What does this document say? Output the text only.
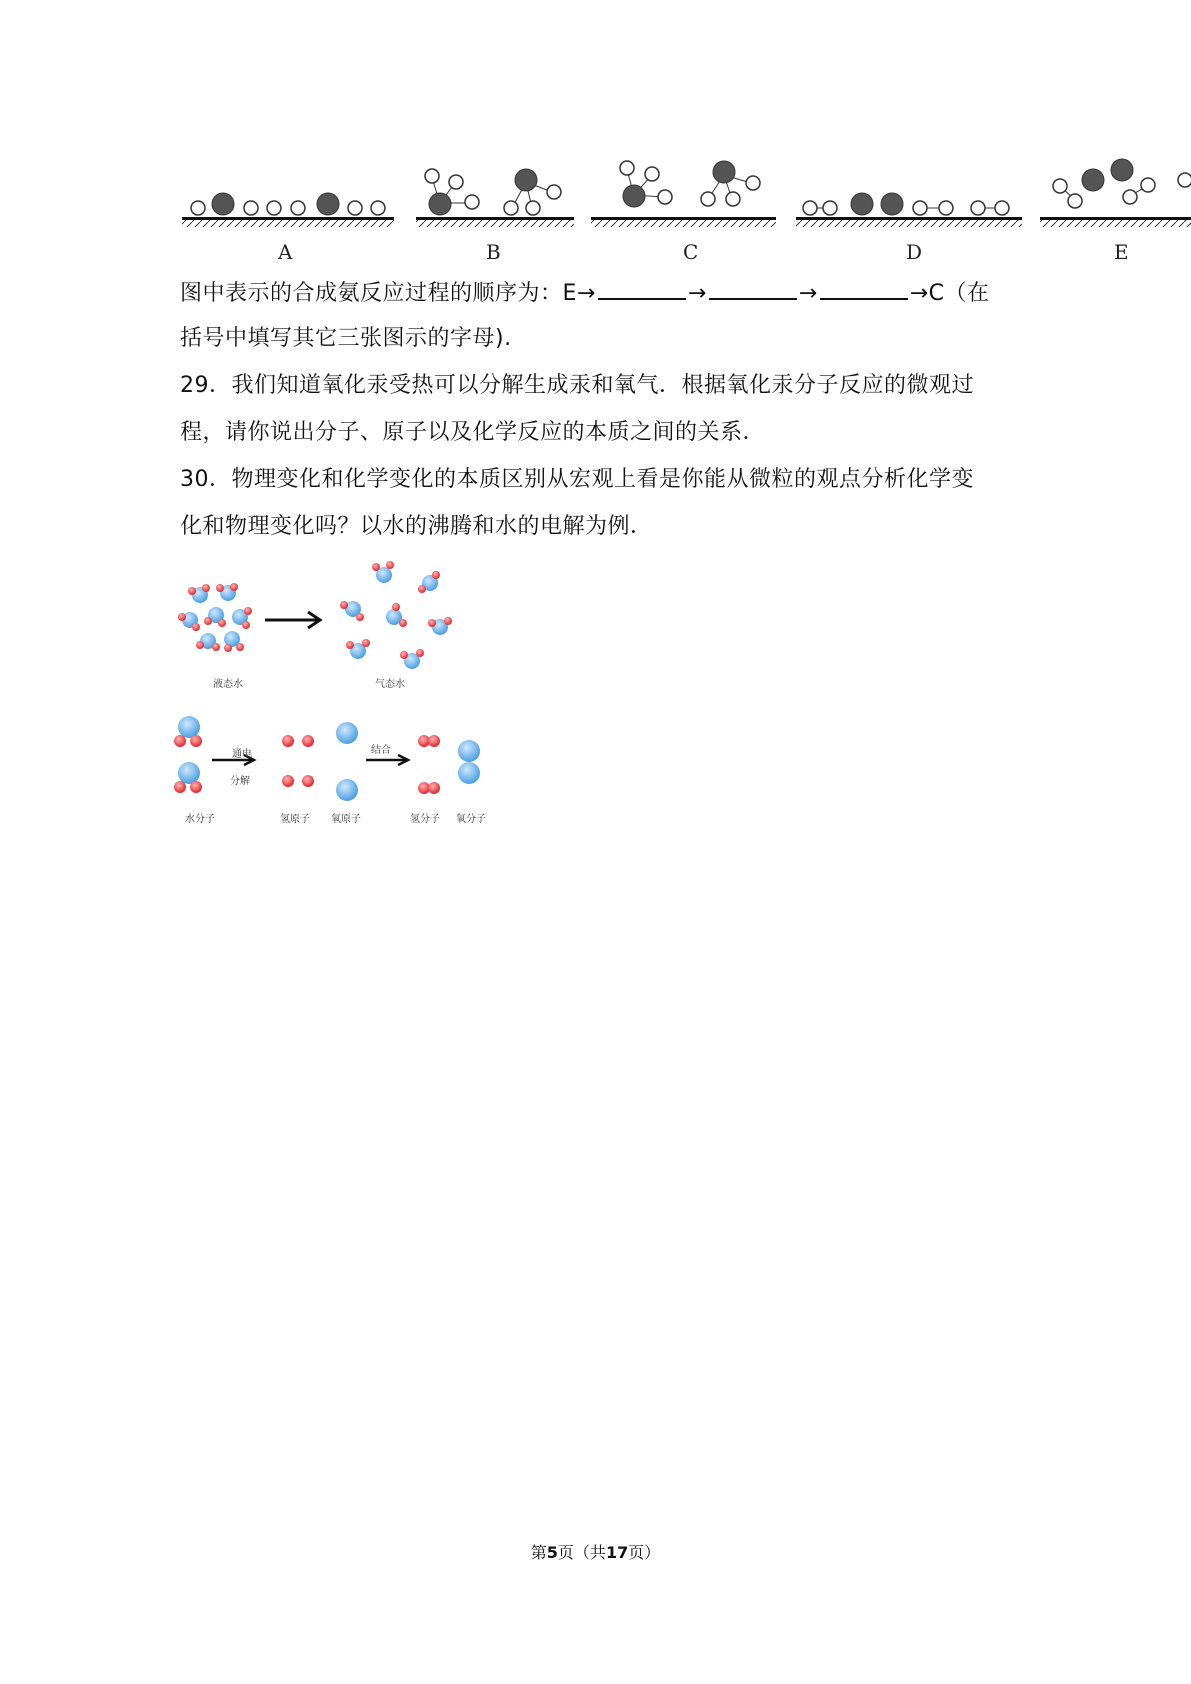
A	B	C	D	E
图中表示的合成氨反应过程的顺序为：E→	→	→	→C（在
括号中填写其它三张图示的字母).
29．我们知道氧化汞受热可以分解生成汞和氧气．根据氧化汞分子反应的微观过
程，请你说出分子、原子以及化学反应的本质之间的关系．
30．物理变化和化学变化的本质区别从宏观上看是你能从微粒的观点分析化学变
化和物理变化吗？以水的沸腾和水的电解为例．
液态水	气态水
通电
分解
结合
水分子	氢原子 氧原子	氢分子 氧分子
第5页（共17页）
